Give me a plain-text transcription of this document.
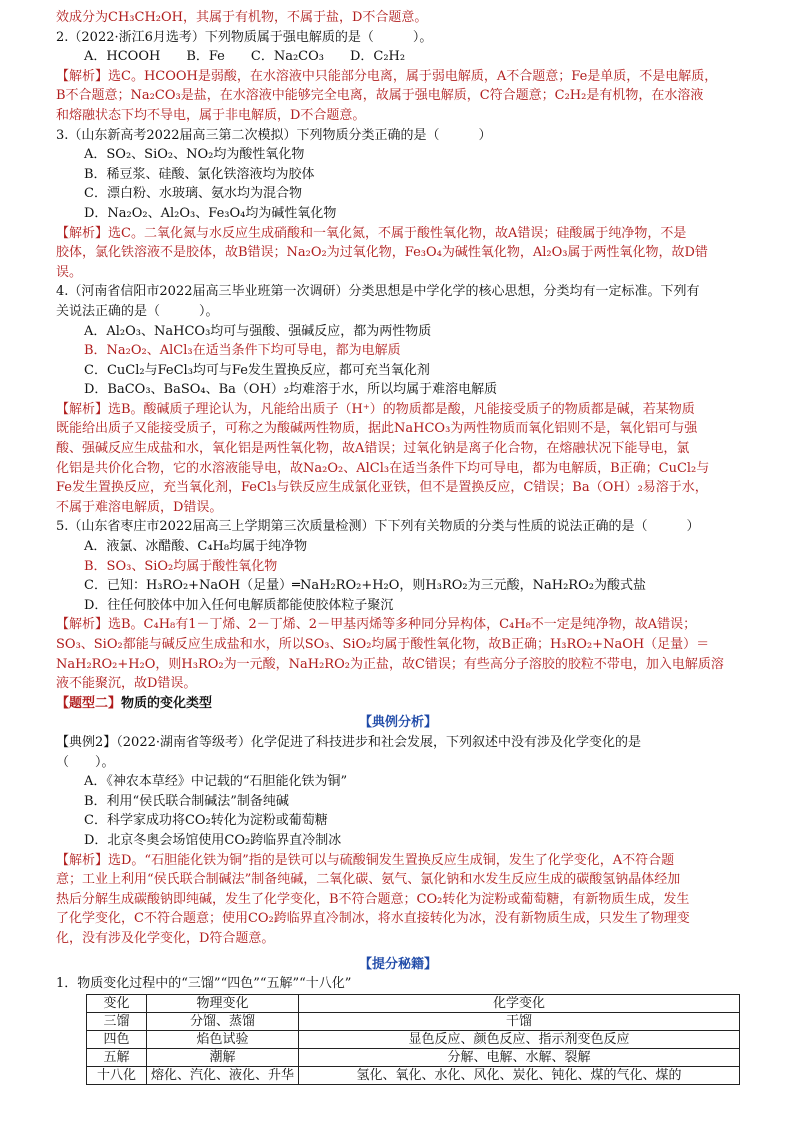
效成分为CH₃CH₂OH，其属于有机物，不属于盐，D不合题意。
2.（2022·浙江6月选考）下列物质属于强电解质的是（　　　）。
A．HCOOH　　B．Fe　　C．Na₂CO₃　　D．C₂H₂
【解析】选C。HCOOH是弱酸，在水溶液中只能部分电离，属于弱电解质，A不合题意；Fe是单质，不是电解质，
B不合题意；Na₂CO₃是盐，在水溶液中能够完全电离，故属于强电解质，C符合题意；C₂H₂是有机物，在水溶液
和熔融状态下均不导电，属于非电解质，D不合题意。
3.（山东新高考2022届高三第二次模拟）下列物质分类正确的是（　　　）
A．SO₂、SiO₂、NO₂均为酸性氧化物
B．稀豆浆、硅酸、氯化铁溶液均为胶体
C．漂白粉、水玻璃、氨水均为混合物
D．Na₂O₂、Al₂O₃、Fe₃O₄均为碱性氧化物
【解析】选C。二氧化氮与水反应生成硝酸和一氧化氮，不属于酸性氧化物，故A错误；硅酸属于纯净物，不是
胶体，氯化铁溶液不是胶体，故B错误；Na₂O₂为过氧化物，Fe₃O₄为碱性氧化物，Al₂O₃属于两性氧化物，故D错
误。
4.（河南省信阳市2022届高三毕业班第一次调研）分类思想是中学化学的核心思想，分类均有一定标准。下列有
关说法正确的是（　　　）。
A．Al₂O₃、NaHCO₃均可与强酸、强碱反应，都为两性物质
B．Na₂O₂、AlCl₃在适当条件下均可导电，都为电解质
C．CuCl₂与FeCl₃均可与Fe发生置换反应，都可充当氧化剂
D．BaCO₃、BaSO₄、Ba（OH）₂均难溶于水，所以均属于难溶电解质
【解析】选B。酸碱质子理论认为，凡能给出质子（H⁺）的物质都是酸，凡能接受质子的物质都是碱，若某物质
既能给出质子又能接受质子，可称之为酸碱两性物质，据此NaHCO₃为两性物质而氧化铝则不是，氧化铝可与强
酸、强碱反应生成盐和水，氧化铝是两性氧化物，故A错误；过氧化钠是离子化合物，在熔融状况下能导电，氯
化铝是共价化合物，它的水溶液能导电，故Na₂O₂、AlCl₃在适当条件下均可导电，都为电解质，B正确；CuCl₂与
Fe发生置换反应，充当氧化剂，FeCl₃与铁反应生成氯化亚铁，但不是置换反应，C错误；Ba（OH）₂易溶于水，
不属于难溶电解质，D错误。
5.（山东省枣庄市2022届高三上学期第三次质量检测）下下列有关物质的分类与性质的说法正确的是（　　　）
A．液氯、冰醋酸、C₄H₈均属于纯净物
B．SO₃、SiO₂均属于酸性氧化物
C．已知：H₃RO₂+NaOH（足量）═NaH₂RO₂+H₂O，则H₃RO₂为三元酸，NaH₂RO₂为酸式盐
D．往任何胶体中加入任何电解质都能使胶体粒子聚沉
【解析】选B。C₄H₈有1－丁烯、2－丁烯、2－甲基丙烯等多种同分异构体，C₄H₈不一定是纯净物，故A错误；
SO₃、SiO₂都能与碱反应生成盐和水，所以SO₃、SiO₂均属于酸性氧化物，故B正确；H₃RO₂+NaOH（足量）＝
NaH₂RO₂+H₂O，则H₃RO₂为一元酸，NaH₂RO₂为正盐，故C错误；有些高分子溶胶的胶粒不带电，加入电解质溶
液不能聚沉，故D错误。
【题型二】物质的变化类型
【典例分析】
【典例2】（2022·湖南省等级考）化学促进了科技进步和社会发展，下列叙述中没有涉及化学变化的是
（　　）。
A．《神农本草经》中记载的“石胆能化铁为铜”
B．利用“侯氏联合制碱法”制备纯碱
C．科学家成功将CO₂转化为淀粉或葡萄糖
D．北京冬奥会场馆使用CO₂跨临界直冷制冰
【解析】选D。“石胆能化铁为铜”指的是铁可以与硫酸铜发生置换反应生成铜，发生了化学变化，A不符合题
意；工业上利用“侯氏联合制碱法”制备纯碱，二氧化碳、氨气、氯化钠和水发生反应生成的碳酸氢钠晶体经加
热后分解生成碳酸钠即纯碱，发生了化学变化，B不符合题意；CO₂转化为淀粉或葡萄糖，有新物质生成，发生
了化学变化，C不符合题意；使用CO₂跨临界直冷制冰，将水直接转化为冰，没有新物质生成，只发生了物理变
化，没有涉及化学变化，D符合题意。
【提分秘籍】
1．物质变化过程中的“三馏”“四色”“五解”“十八化”
变化	物理变化	化学变化
三馏	分馏、蒸馏	干馏
四色	焰色试验	显色反应、颜色反应、指示剂变色反应
五解	潮解	分解、电解、水解、裂解
十八化	熔化、汽化、液化、升华	氢化、氧化、水化、风化、炭化、钝化、煤的气化、煤的
